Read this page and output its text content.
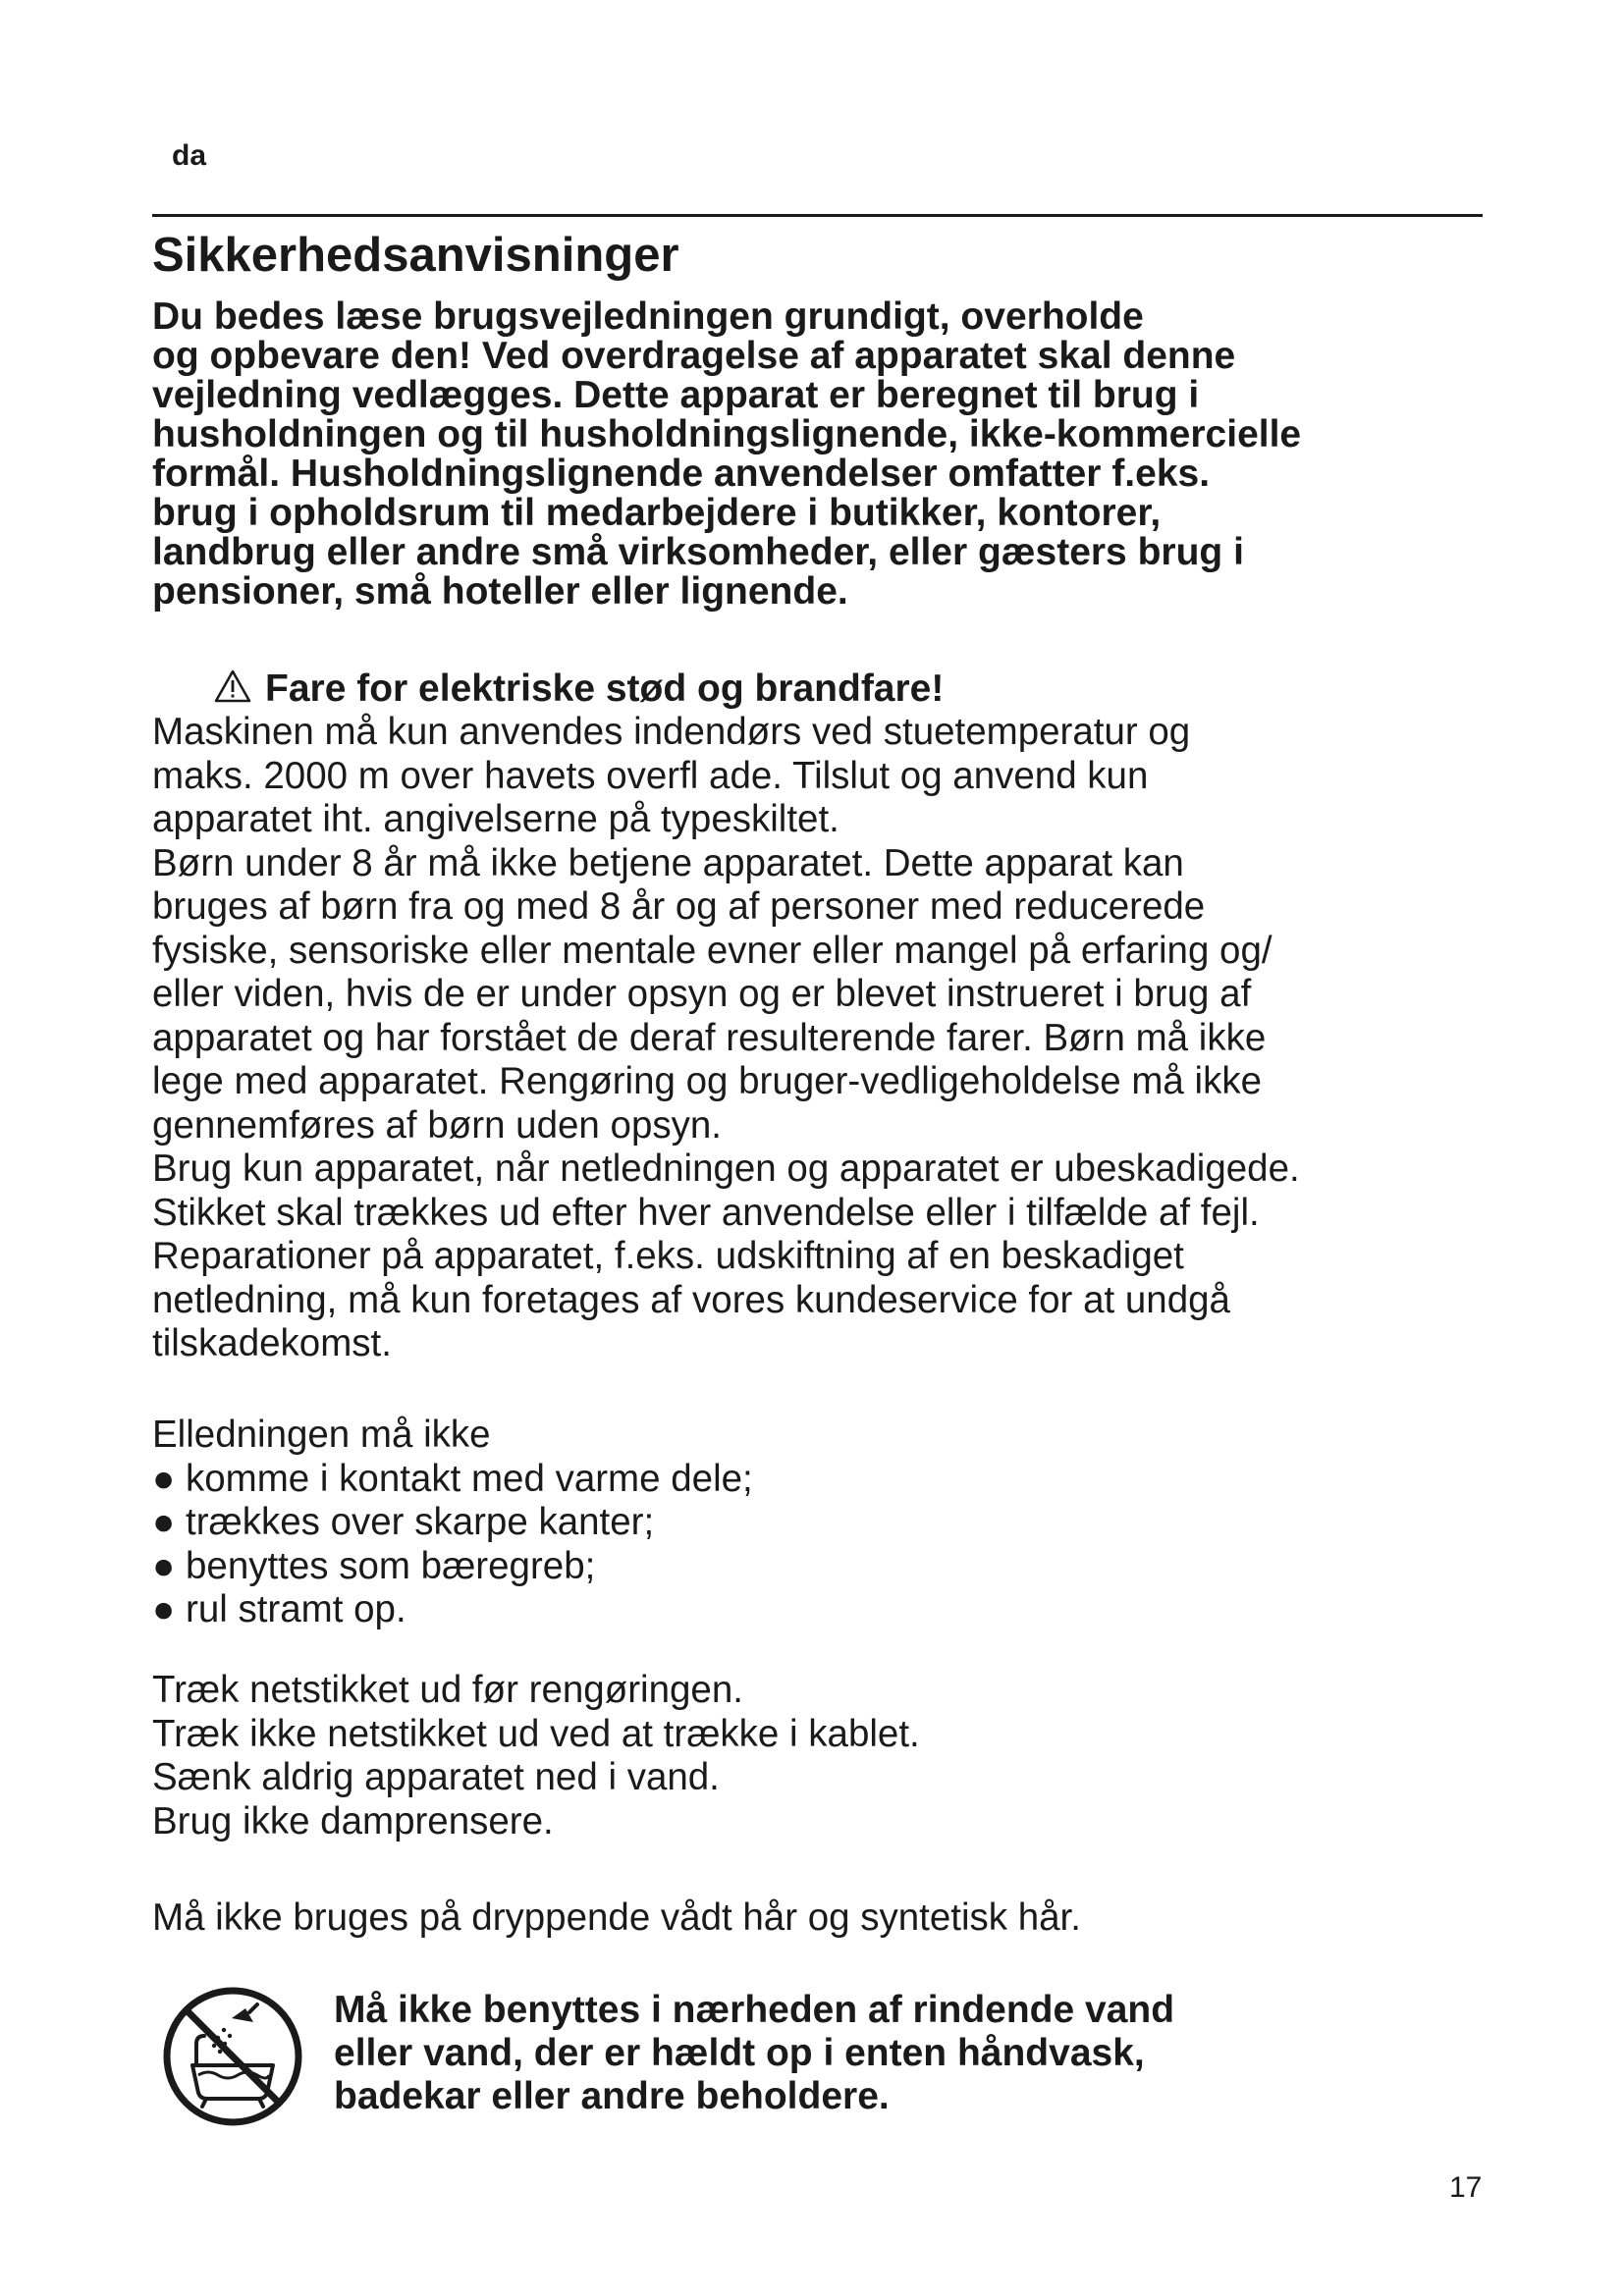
da
Sikkerhedsanvisninger
Du bedes læse brugsvejledningen grundigt, overholde
og opbevare den! Ved overdragelse af apparatet skal denne
vejledning vedlægges. Dette apparat er beregnet til brug i
husholdningen og til husholdningslignende, ikke-kommercielle
formål. Husholdningslignende anvendelser omfatter f.eks.
brug i opholdsrum til medarbejdere i butikker, kontorer,
landbrug eller andre små virksomheder, eller gæsters brug i
pensioner, små hoteller eller lignende.
Fare for elektriske stød og brandfare!
Maskinen må kun anvendes indendørs ved stuetemperatur og
maks. 2000 m over havets overfl ade. Tilslut og anvend kun
apparatet iht. angivelserne på typeskiltet.
Børn under 8 år må ikke betjene apparatet. Dette apparat kan
bruges af børn fra og med 8 år og af personer med reducerede
fysiske, sensoriske eller mentale evner eller mangel på erfaring og/
eller viden, hvis de er under opsyn og er blevet instrueret i brug af
apparatet og har forstået de deraf resulterende farer. Børn må ikke
lege med apparatet. Rengøring og bruger-vedligeholdelse må ikke
gennemføres af børn uden opsyn.
Brug kun apparatet, når netledningen og apparatet er ubeskadigede.
Stikket skal trækkes ud efter hver anvendelse eller i tilfælde af fejl.
Reparationer på apparatet, f.eks. udskiftning af en beskadiget
netledning, må kun foretages af vores kundeservice for at undgå
tilskadekomst.
Elledningen må ikke
● komme i kontakt med varme dele;
● trækkes over skarpe kanter;
● benyttes som bæregreb;
● rul stramt op.
Træk netstikket ud før rengøringen.
Træk ikke netstikket ud ved at trække i kablet.
Sænk aldrig apparatet ned i vand.
Brug ikke damprensere.
Må ikke bruges på dryppende vådt hår og syntetisk hår.
Må ikke benyttes i nærheden af rindende vand
eller vand, der er hældt op i enten håndvask,
badekar eller andre beholdere.
17
